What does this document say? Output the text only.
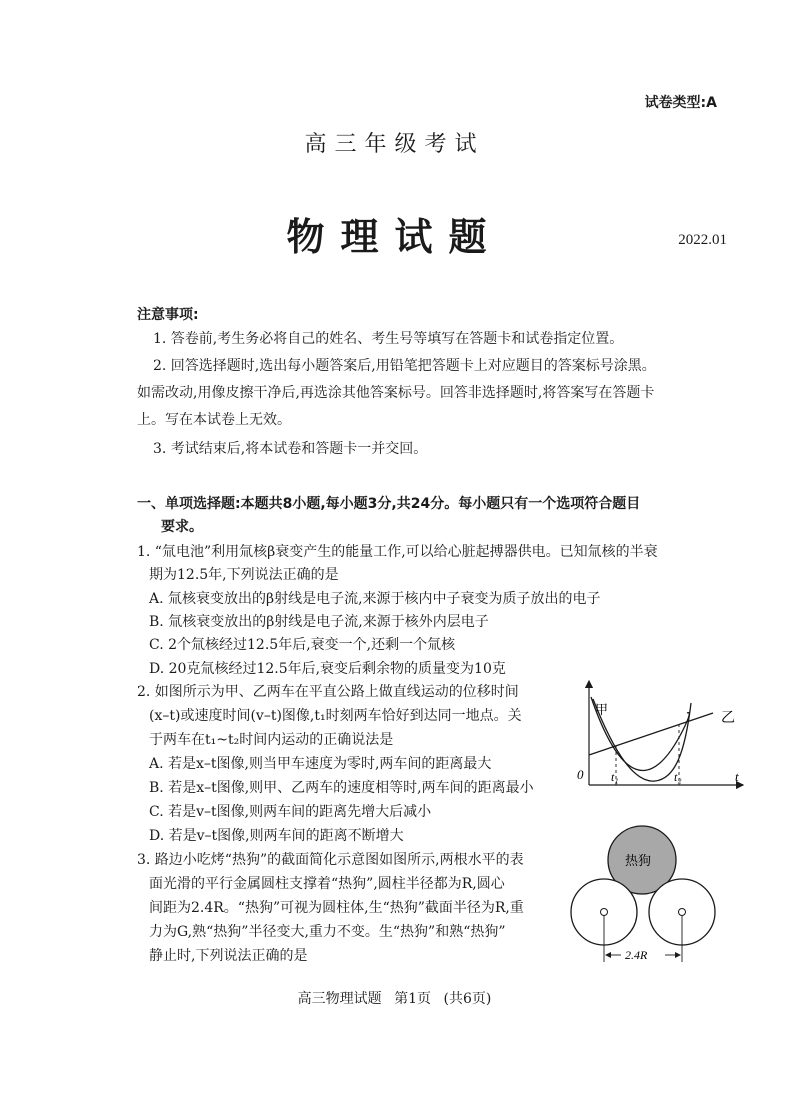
试卷类型:A
高三年级考试
物理试题	2022.01
注意事项:
1. 答卷前,考生务必将自己的姓名、考生号等填写在答题卡和试卷指定位置。
2. 回答选择题时,选出每小题答案后,用铅笔把答题卡上对应题目的答案标号涂黑。
如需改动,用像皮擦干净后,再选涂其他答案标号。回答非选择题时,将答案写在答题卡
上。写在本试卷上无效。
3. 考试结束后,将本试卷和答题卡一并交回。
一、单项选择题:本题共8小题,每小题3分,共24分。每小题只有一个选项符合题目
要求。
1. “氚电池”利用氚核β衰变产生的能量工作,可以给心脏起搏器供电。已知氚核的半衰
期为12.5年,下列说法正确的是
A. 氚核衰变放出的β射线是电子流,来源于核内中子衰变为质子放出的电子
B. 氚核衰变放出的β射线是电子流,来源于核外内层电子
C. 2个氚核经过12.5年后,衰变一个,还剩一个氚核
D. 20克氚核经过12.5年后,衰变后剩余物的质量变为10克
2. 如图所示为甲、乙两车在平直公路上做直线运动的位移时间
(x–t)或速度时间(v–t)图像,t₁时刻两车恰好到达同一地点。关
于两车在t₁~t₂时间内运动的正确说法是
A. 若是x–t图像,则当甲车速度为零时,两车间的距离最大
B. 若是x–t图像,则甲、乙两车的速度相等时,两车间的距离最小
C. 若是v–t图像,则两车间的距离先增大后减小
D. 若是v–t图像,则两车间的距离不断增大
甲
乙
0 t₁	t₂	t
3. 路边小吃烤“热狗”的截面简化示意图如图所示,两根水平的表
面光滑的平行金属圆柱支撑着“热狗”,圆柱半径都为R,圆心
间距为2.4R。“热狗”可视为圆柱体,生“热狗”截面半径为R,重
力为G,熟“热狗”半径变大,重力不变。生“热狗”和熟“热狗”
静止时,下列说法正确的是
热狗
2.4R
高三物理试题 第1页 (共6页)
